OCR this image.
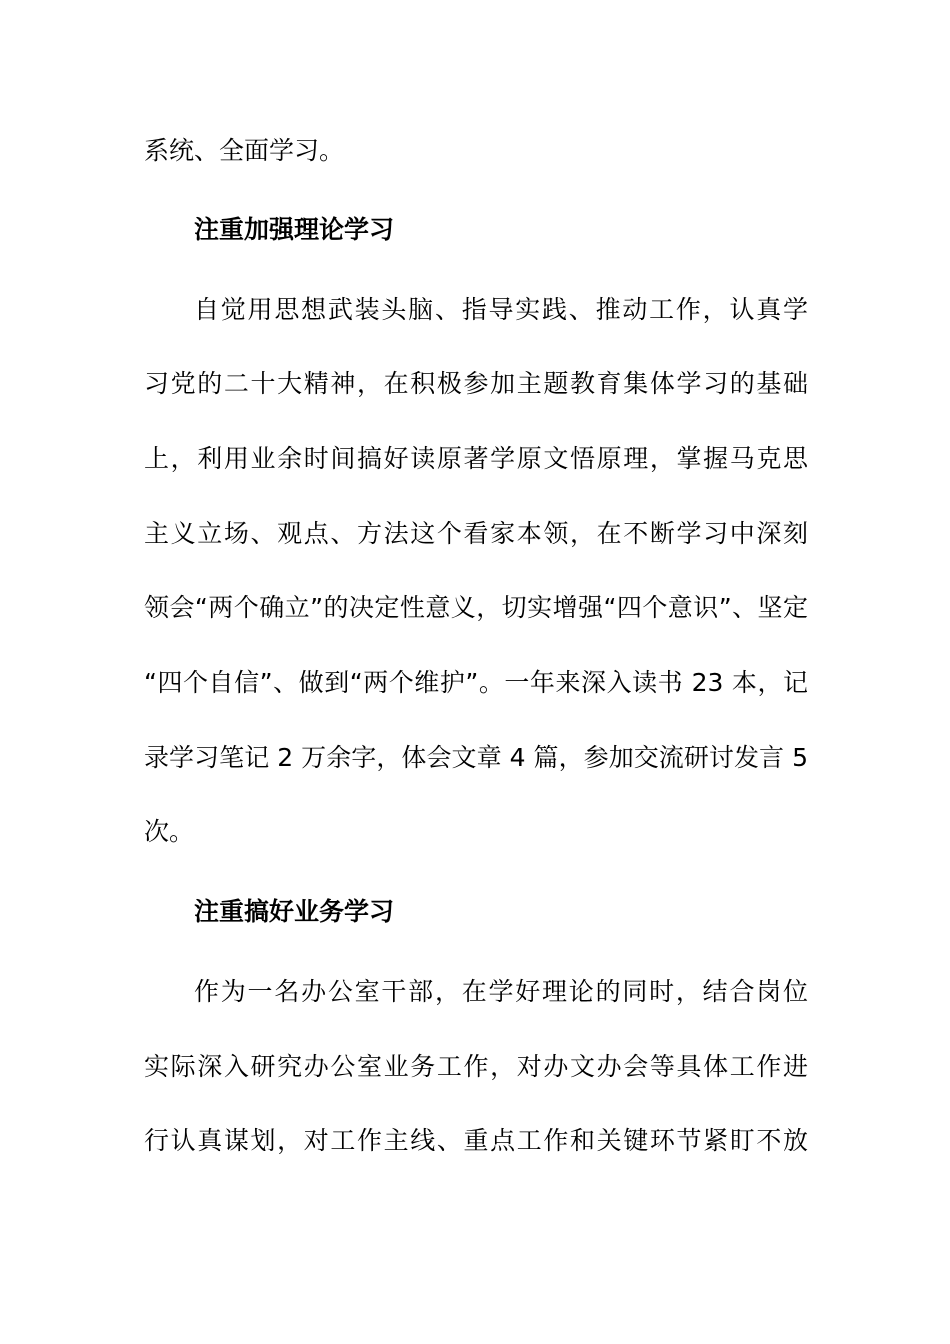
系统、全面学习。
注重加强理论学习
自觉用思想武装头脑、指导实践、推动工作，认真学
习党的二十大精神，在积极参加主题教育集体学习的基础
上，利用业余时间搞好读原著学原文悟原理，掌握马克思
主义立场、观点、方法这个看家本领，在不断学习中深刻
领会“两个确立”的决定性意义，切实增强“四个意识”、坚定
“四个自信”、做到“两个维护”。一年来深入读书 23 本，记
录学习笔记 2 万余字，体会文章 4 篇，参加交流研讨发言 5
次。
注重搞好业务学习
作为一名办公室干部，在学好理论的同时，结合岗位
实际深入研究办公室业务工作，对办文办会等具体工作进
行认真谋划，对工作主线、重点工作和关键环节紧盯不放
